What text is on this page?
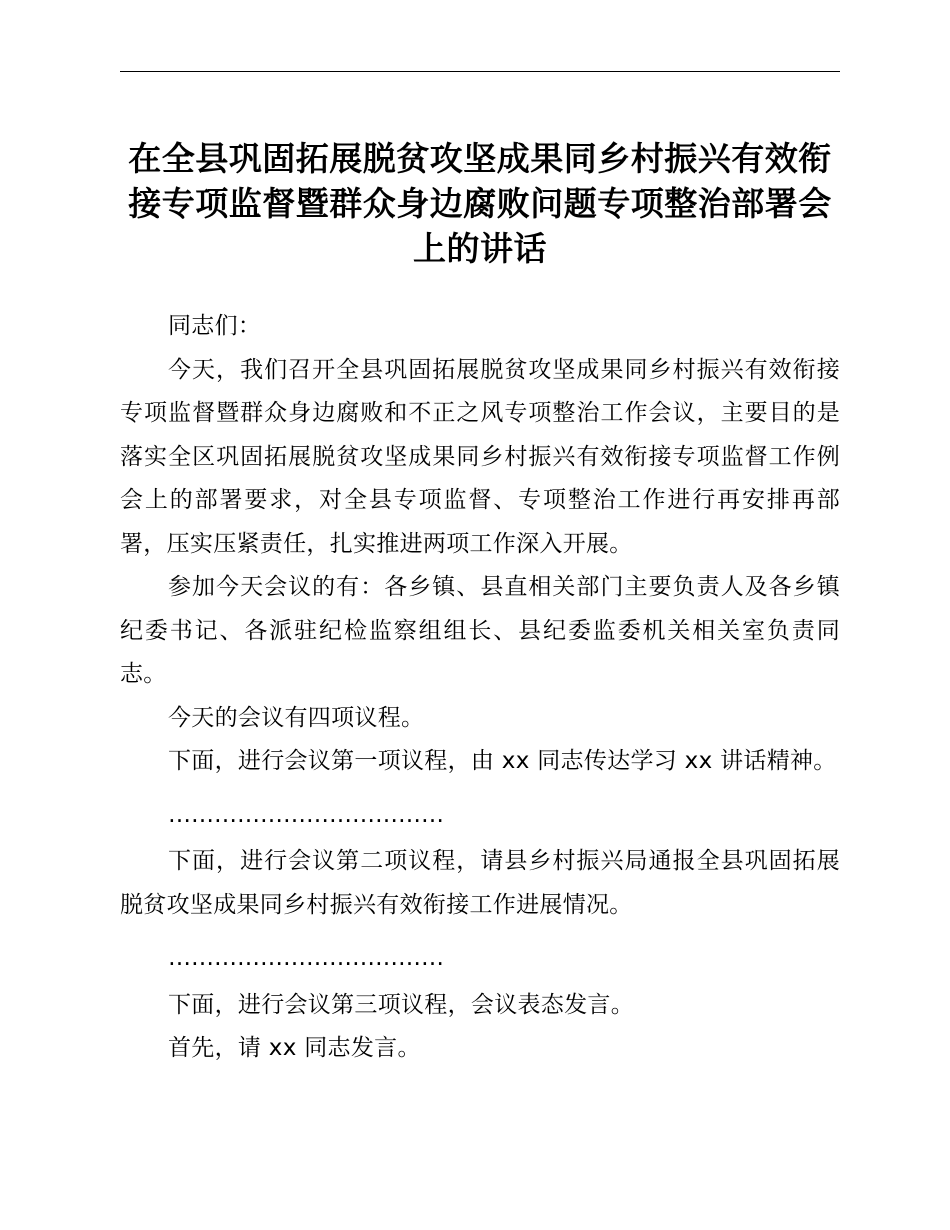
在全县巩固拓展脱贫攻坚成果同乡村振兴有效衔接专项监督暨群众身边腐败问题专项整治部署会上的讲话

同志们：

今天，我们召开全县巩固拓展脱贫攻坚成果同乡村振兴有效衔接专项监督暨群众身边腐败和不正之风专项整治工作会议，主要目的是落实全区巩固拓展脱贫攻坚成果同乡村振兴有效衔接专项监督工作例会上的部署要求，对全县专项监督、专项整治工作进行再安排再部署，压实压紧责任，扎实推进两项工作深入开展。

参加今天会议的有：各乡镇、县直相关部门主要负责人及各乡镇纪委书记、各派驻纪检监察组组长、县纪委监委机关相关室负责同志。

今天的会议有四项议程。

下面，进行会议第一项议程，由 xx 同志传达学习 xx 讲话精神。

………………………………

下面，进行会议第二项议程，请县乡村振兴局通报全县巩固拓展脱贫攻坚成果同乡村振兴有效衔接工作进展情况。

………………………………

下面，进行会议第三项议程，会议表态发言。

首先，请 xx 同志发言。
